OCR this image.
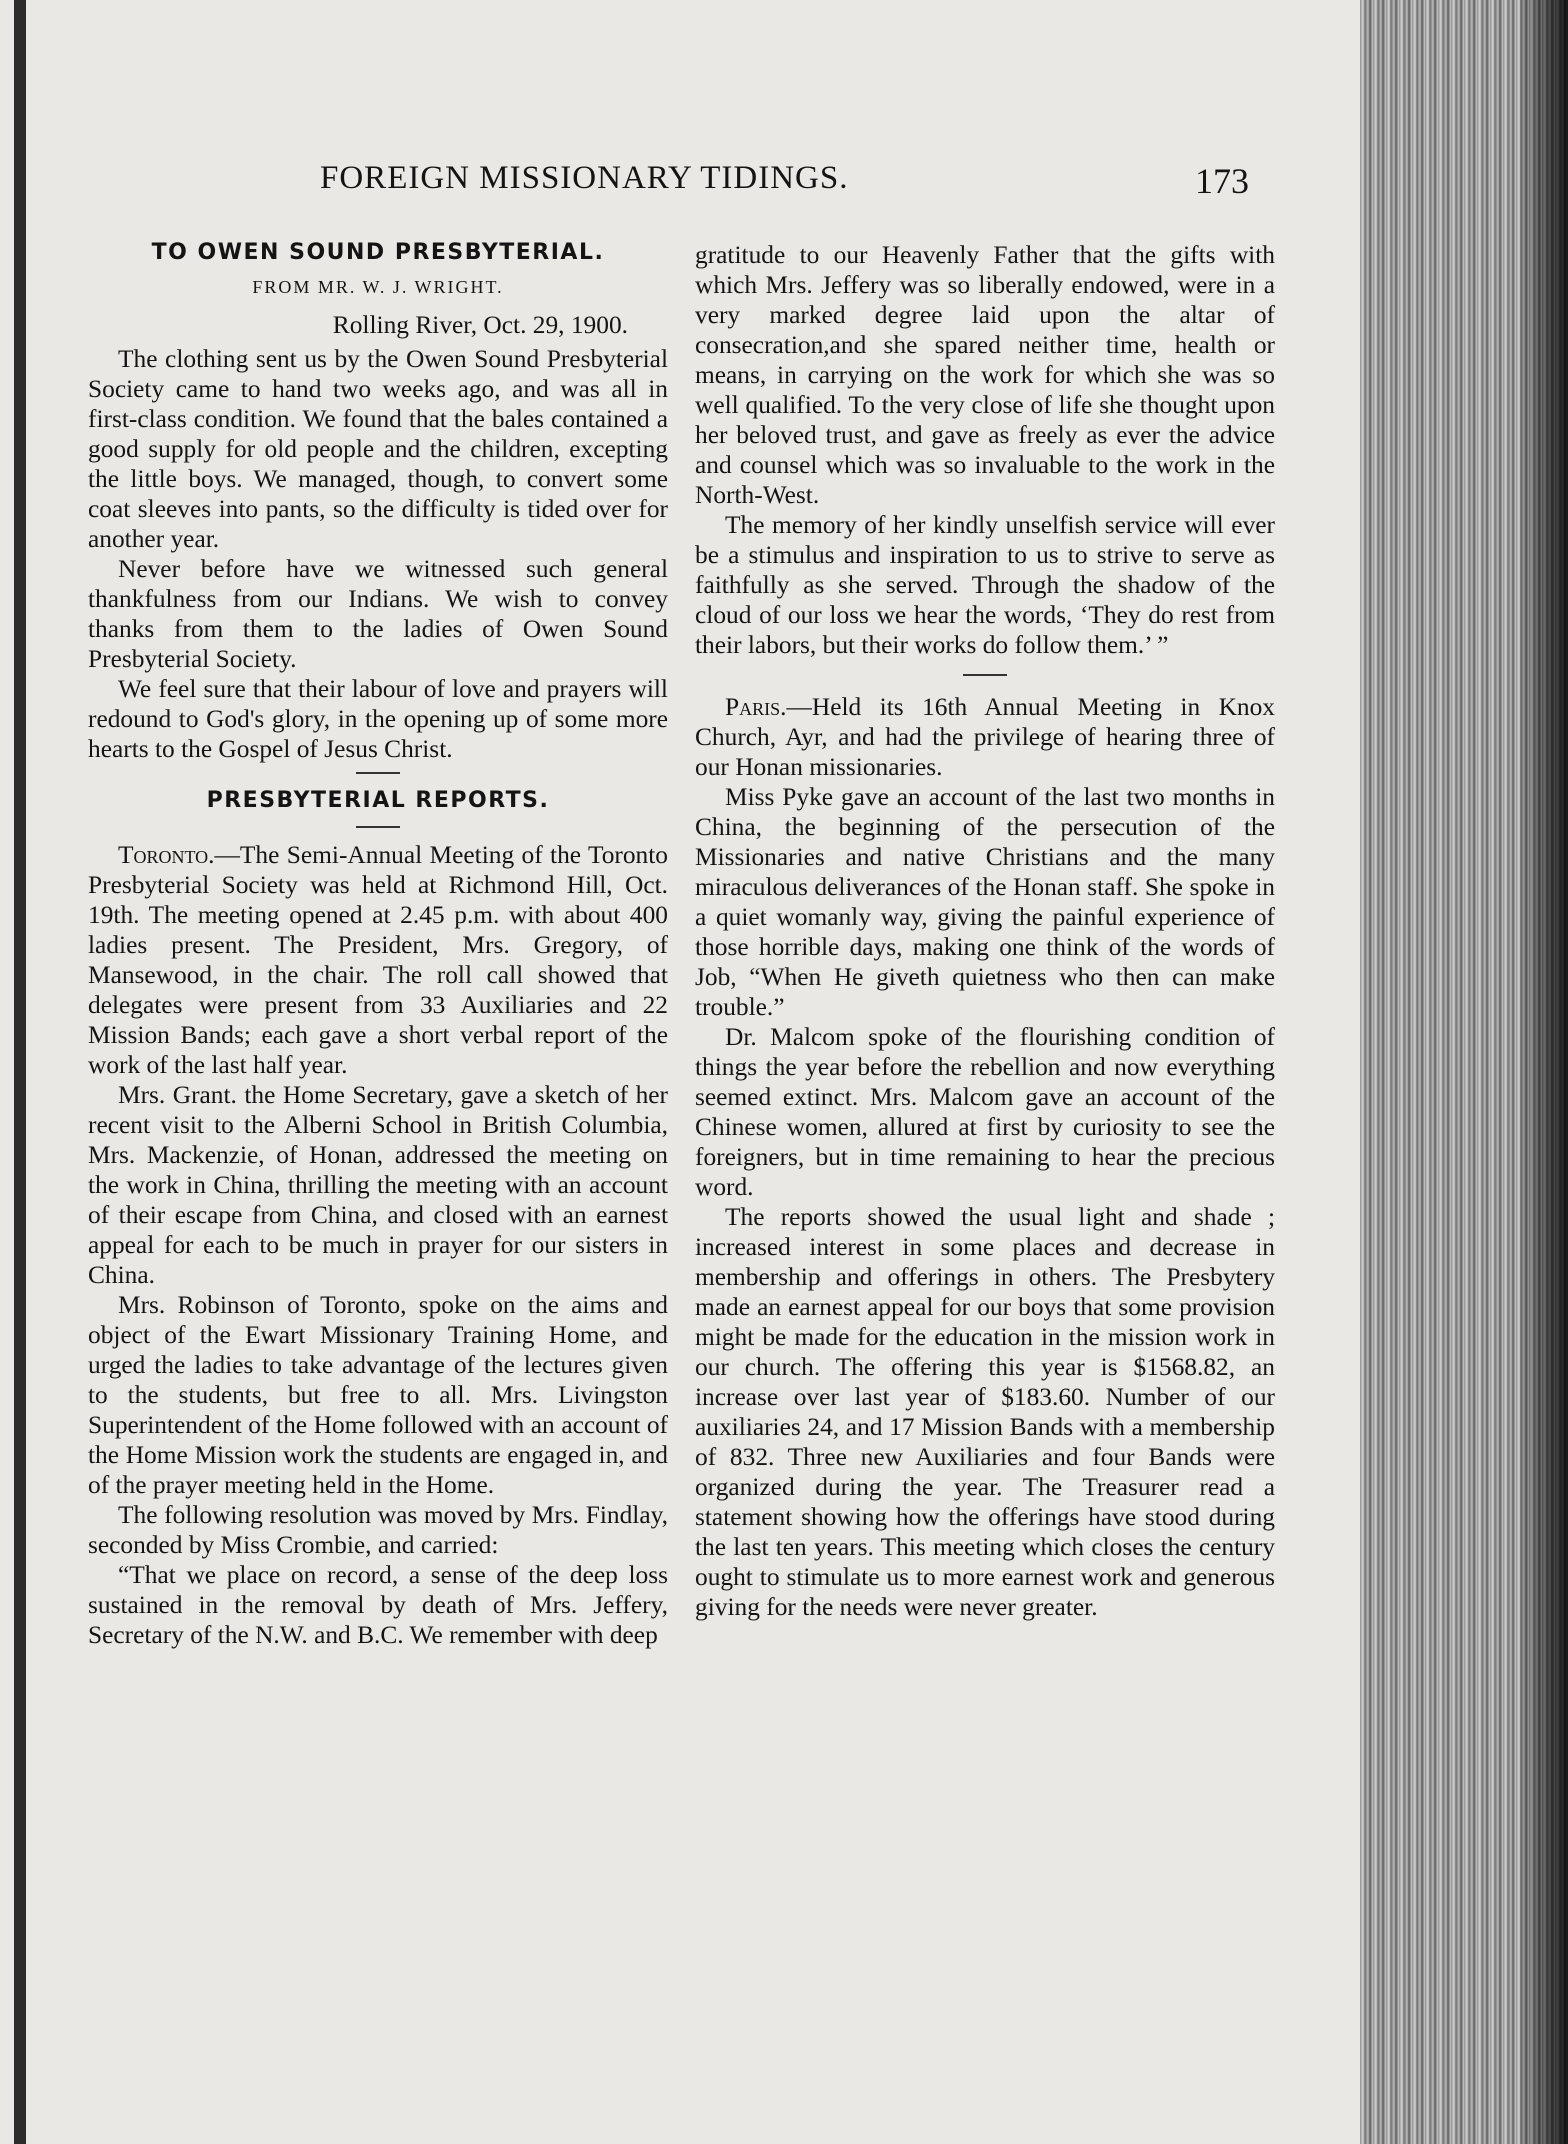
FOREIGN MISSIONARY TIDINGS.	173
TO OWEN SOUND PRESBYTERIAL.
FROM MR. W. J. WRIGHT.
Rolling River, Oct. 29, 1900.

The clothing sent us by the Owen Sound Presbyterial Society came to hand two weeks ago, and was all in first-class condition. We found that the bales contained a good supply for old people and the children, excepting the little boys. We managed, though, to convert some coat sleeves into pants, so the difficulty is tided over for another year.

Never before have we witnessed such general thankfulness from our Indians. We wish to convey thanks from them to the ladies of Owen Sound Presbyterial Society.

We feel sure that their labour of love and prayers will redound to God's glory, in the opening up of some more hearts to the Gospel of Jesus Christ.

PRESBYTERIAL REPORTS.

Toronto.—The Semi-Annual Meeting of the Toronto Presbyterial Society was held at Richmond Hill, Oct. 19th. The meeting opened at 2.45 p.m. with about 400 ladies present. The President, Mrs. Gregory, of Mansewood, in the chair. The roll call showed that delegates were present from 33 Auxiliaries and 22 Mission Bands; each gave a short verbal report of the work of the last half year.

Mrs. Grant. the Home Secretary, gave a sketch of her recent visit to the Alberni School in British Columbia, Mrs. Mackenzie, of Honan, addressed the meeting on the work in China, thrilling the meeting with an account of their escape from China, and closed with an earnest appeal for each to be much in prayer for our sisters in China.

Mrs. Robinson of Toronto, spoke on the aims and object of the Ewart Missionary Training Home, and urged the ladies to take advantage of the lectures given to the students, but free to all. Mrs. Livingston Superintendent of the Home followed with an account of the Home Mission work the students are engaged in, and of the prayer meeting held in the Home.

The following resolution was moved by Mrs. Findlay, seconded by Miss Crombie, and carried:

“That we place on record, a sense of the deep loss sustained in the removal by death of Mrs. Jeffery, Secretary of the N.W. and B.C. We remember with deep

gratitude to our Heavenly Father that the gifts with which Mrs. Jeffery was so liberally endowed, were in a very marked degree laid upon the altar of consecration,and she spared neither time, health or means, in carrying on the work for which she was so well qualified. To the very close of life she thought upon her beloved trust, and gave as freely as ever the advice and counsel which was so invaluable to the work in the North-West.

The memory of her kindly unselfish service will ever be a stimulus and inspiration to us to strive to serve as faithfully as she served. Through the shadow of the cloud of our loss we hear the words, ‘They do rest from their labors, but their works do follow them.’ ”

Paris.—Held its 16th Annual Meeting in Knox Church, Ayr, and had the privilege of hearing three of our Honan missionaries.

Miss Pyke gave an account of the last two months in China, the beginning of the persecution of the Missionaries and native Christians and the many miraculous deliverances of the Honan staff. She spoke in a quiet womanly way, giving the painful experience of those horrible days, making one think of the words of Job, “When He giveth quietness who then can make trouble.”

Dr. Malcom spoke of the flourishing condition of things the year before the rebellion and now everything seemed extinct. Mrs. Malcom gave an account of the Chinese women, allured at first by curiosity to see the foreigners, but in time remaining to hear the precious word.

The reports showed the usual light and shade ; increased interest in some places and decrease in membership and offerings in others. The Presbytery made an earnest appeal for our boys that some provision might be made for the education in the mission work in our church. The offering this year is $1568.82, an increase over last year of $183.60. Number of our auxiliaries 24, and 17 Mission Bands with a membership of 832. Three new Auxiliaries and four Bands were organized during the year. The Treasurer read a statement showing how the offerings have stood during the last ten years. This meeting which closes the century ought to stimulate us to more earnest work and generous giving for the needs were never greater.
